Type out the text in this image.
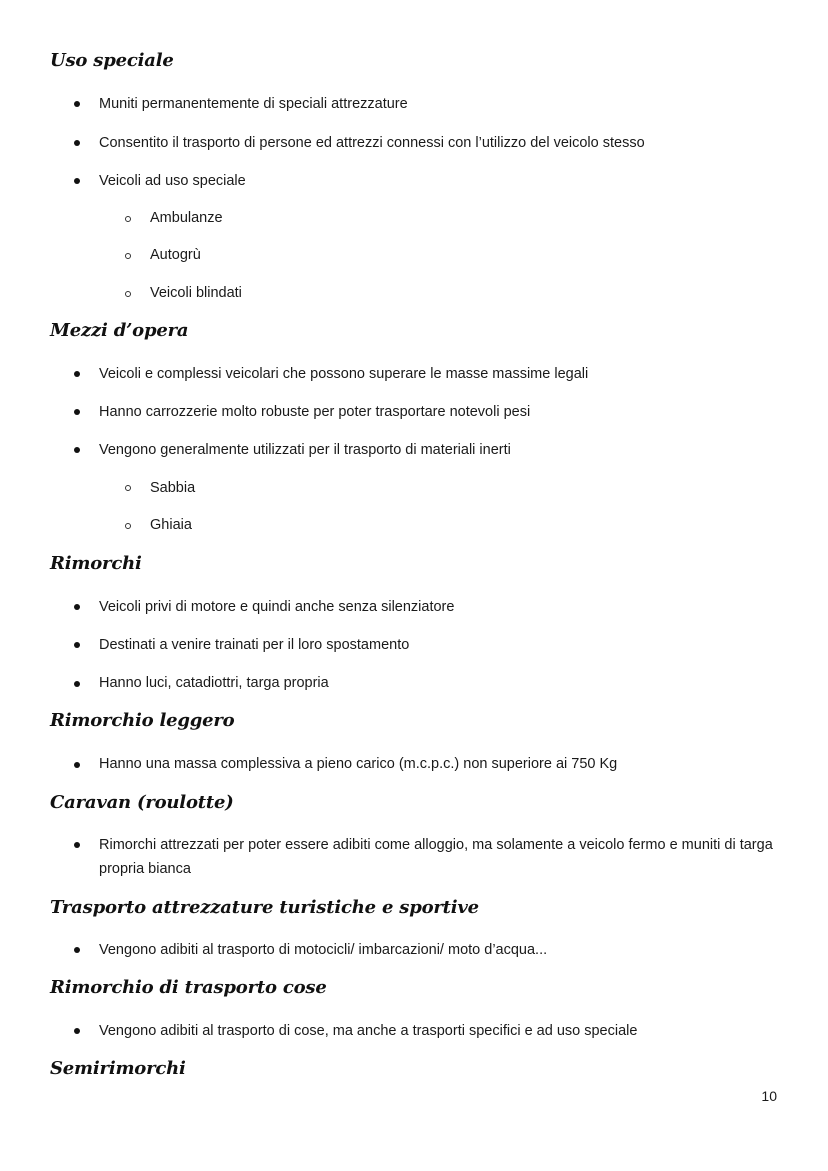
Uso speciale
Muniti permanentemente di speciali attrezzature
Consentito il trasporto di persone ed attrezzi connessi con l’utilizzo del veicolo stesso
Veicoli ad uso speciale
Ambulanze
Autogrù
Veicoli blindati
Mezzi d’opera
Veicoli e complessi veicolari che possono superare le masse massime legali
Hanno carrozzerie molto robuste per poter trasportare notevoli pesi
Vengono generalmente utilizzati per il trasporto di materiali inerti
Sabbia
Ghiaia
Rimorchi
Veicoli privi di motore e quindi anche senza silenziatore
Destinati a venire trainati per il loro spostamento
Hanno luci, catadiottri, targa propria
Rimorchio leggero
Hanno una massa complessiva a pieno carico (m.c.p.c.) non superiore ai 750 Kg
Caravan (roulotte)
Rimorchi attrezzati per poter essere adibiti come alloggio, ma solamente a veicolo fermo e muniti di targa propria bianca
Trasporto attrezzature turistiche e sportive
Vengono adibiti al trasporto di motocicli/ imbarcazioni/ moto d’acqua...
Rimorchio di trasporto cose
Vengono adibiti al trasporto di cose, ma anche a trasporti specifici e ad uso speciale
Semirimorchi
10
